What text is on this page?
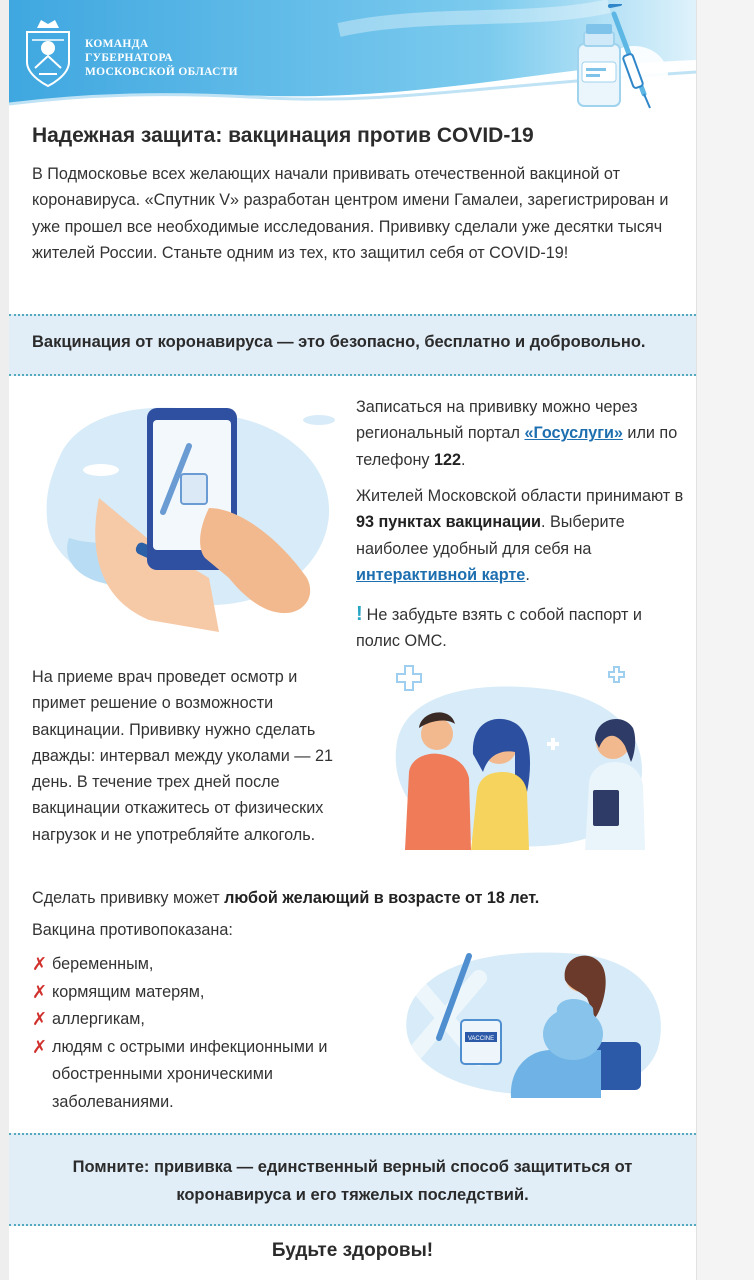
КОМАНДА
ГУБЕРНАТОРА
МОСКОВСКОЙ ОБЛАСТИ
Надежная защита: вакцинация против COVID-19
В Подмосковье всех желающих начали прививать отечественной вакциной от коронавируса. «Спутник V» разработан центром имени Гамалеи, зарегистрирован и уже прошел все необходимые исследования. Прививку сделали уже десятки тысяч жителей России. Станьте одним из тех, кто защитил себя от COVID-19!
Вакцинация от коронавируса — это безопасно, бесплатно и добровольно.
Записаться на прививку можно через региональный портал «Госуслуги» или по телефону 122.
Жителей Московской области принимают в 93 пунктах вакцинации. Выберите наиболее удобный для себя на интерактивной карте.
! Не забудьте взять с собой паспорт и полис ОМС.
На приеме врач проведет осмотр и примет решение о возможности вакцинации. Прививку нужно сделать дважды: интервал между уколами — 21 день. В течение трех дней после вакцинации откажитесь от физических нагрузок и не употребляйте алкоголь.
Сделать прививку может любой желающий в возрасте от 18 лет.
Вакцина противопоказана:
✗ беременным,
✗ кормящим матерям,
✗ аллергикам,
✗ людям с острыми инфекционными и обостренными хроническими заболеваниями.
VACCINE
Помните: прививка — единственный верный способ защититься от коронавируса и его тяжелых последствий.
Будьте здоровы!
